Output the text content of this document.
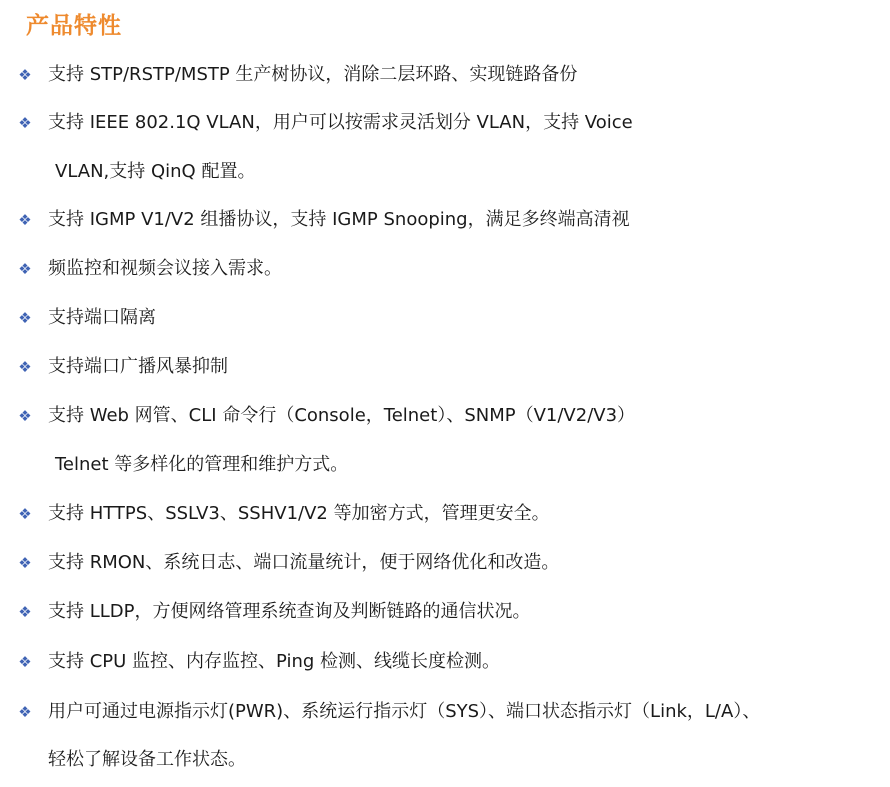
产品特性
❖ 支持 STP/RSTP/MSTP 生产树协议，消除二层环路、实现链路备份
❖ 支持 IEEE 802.1Q VLAN，用户可以按需求灵活划分 VLAN，支持 Voice
VLAN,支持 QinQ 配置。
❖ 支持 IGMP V1/V2 组播协议，支持 IGMP Snooping，满足多终端高清视
❖ 频监控和视频会议接入需求。
❖ 支持端口隔离
❖ 支持端口广播风暴抑制
❖ 支持 Web 网管、CLI 命令行（Console，Telnet）、SNMP（V1/V2/V3）
Telnet 等多样化的管理和维护方式。
❖ 支持 HTTPS、SSLV3、SSHV1/V2 等加密方式，管理更安全。
❖ 支持 RMON、系统日志、端口流量统计，便于网络优化和改造。
❖ 支持 LLDP，方便网络管理系统查询及判断链路的通信状况。
❖ 支持 CPU 监控、内存监控、Ping 检测、线缆长度检测。
❖ 用户可通过电源指示灯(PWR)、系统运行指示灯（SYS）、端口状态指示灯（Link，L/A）、
轻松了解设备工作状态。
